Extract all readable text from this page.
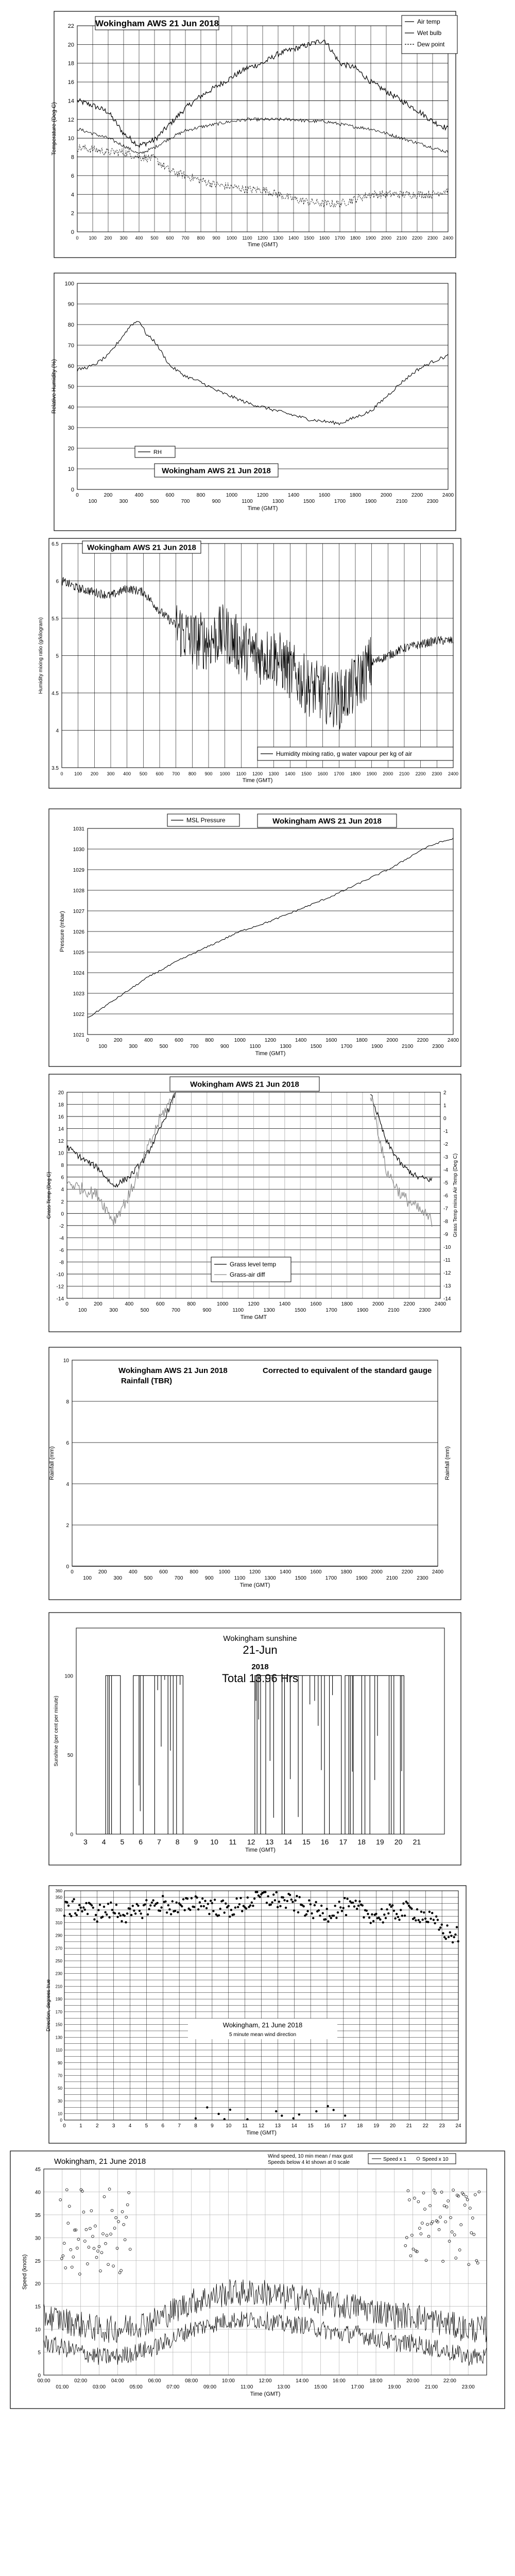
Wokingham AWS 21 Jun 2018
0
2
4
6
8
10
12
14
16
18
20
22
Temperature (Deg C)
0 100 200 300 400 500 600 700 800 900 1000 1100 1200 1300 1400 1500 1600 1700 1800 1900 2000 2100 2200 2300 2400
Time (GMT)
Air temp
Wet bulb
Dew point
0
10
20
30
40
50
60
70
80
90
100
Relative Humidity (%)
0	200	400	600	800	1000	1200	1400	1600	1800	2000	2200	2400
100	300	500	700	900	1100	1300	1500	1700	1900	2100	2300
Time (GMT)
Wokingham AWS 21 Jun 2018
RH
3.5
4
4.5
5
5.5
6
6.5
Humidity mixing ratio (g/kilogram)
0 100 200 300 400 500 600 700 800 900 1000 1100 1200 1300 1400 1500 1600 1700 1800 1900 2000 2100 2200 2300 2400
Time (GMT)
Wokingham AWS 21 Jun 2018
Humidity mixing ratio, g water vapour per kg of air
1021
1022
1023
1024
1025
1026
1027
1028
1029
1030
1031
Pressure (mbar)
0	200	400	600	800	1000	1200	1400	1600	1800	2000	2200	2400
100	300	500	700	900	1100	1300	1500	1700	1900	2100	2300
Time (GMT)
MSL Pressure	Wokingham AWS 21 Jun 2018
20
18
16
14
12
10
8
6
4
2
0
-2
-4
-6
-8
-10
-12
-14
2
1
0
-1
-2
-3
-4
-5
-6
-7
-8
-9
-10
-11
-12
-13
-14
Grass Temp (Deg C)	Grass Temp minus Air Temp (Deg C)
0	200	400	600	800	1000	1200	1400	1600	1800	2000	2200	2400
100	300	500	700	900	1100	1300	1500	1700	1900	2100	2300
Time GMT
Wokingham AWS 21 Jun 2018
Grass level temp
Grass-air diff
0
2
4
6
8
10
Rainfall (mm)	Rainfall (mm)
0	200	400	600	800	1000	1200	1400	1600	1800	2000	2200	2400
100	300	500	700	900	1100	1300	1500	1700	1900	2100	2300
Time (GMT)
Wokingham AWS 21 Jun 2018
Rainfall (TBR)
Corrected to equivalent of the standard gauge
0
50
100
Sunshine (per cent per minute)
3 4 5 6 7 8 9 10 11 12 13 14 15 16 17 18 19 20 21
Time (GMT)
Wokingham sunshine
21-Jun
2018
Total 13.96 Hrs
0
10
30
50
70
90
110
130
150
170
190
210
230
250
270
290
310
330
350
360
Direction, degrees true
0	1	2	3	4	5	6	7	8	9 10 11 12 13 14 15 16 17 18 19 20 21 22 23 24
Time (GMT)
Wokingham, 21 June 2018
5 minute mean wind direction
0
5
10
15
20
25
30
35
40
45
Speed (knots)
00:00	02:00	04:00	06:00	08:00	10:00	12:00	14:00	16:00	18:00	20:00	22:00
01:00	03:00	05:00	07:00	09:00	11:00	13:00	15:00	17:00	19:00	21:00	23:00
Time (GMT)
Wokingham, 21 June 2018
Wind speed, 10 min mean / max gust
Speeds below 4 kt shown at 0 scale
Speed x 1	Speed x 10
